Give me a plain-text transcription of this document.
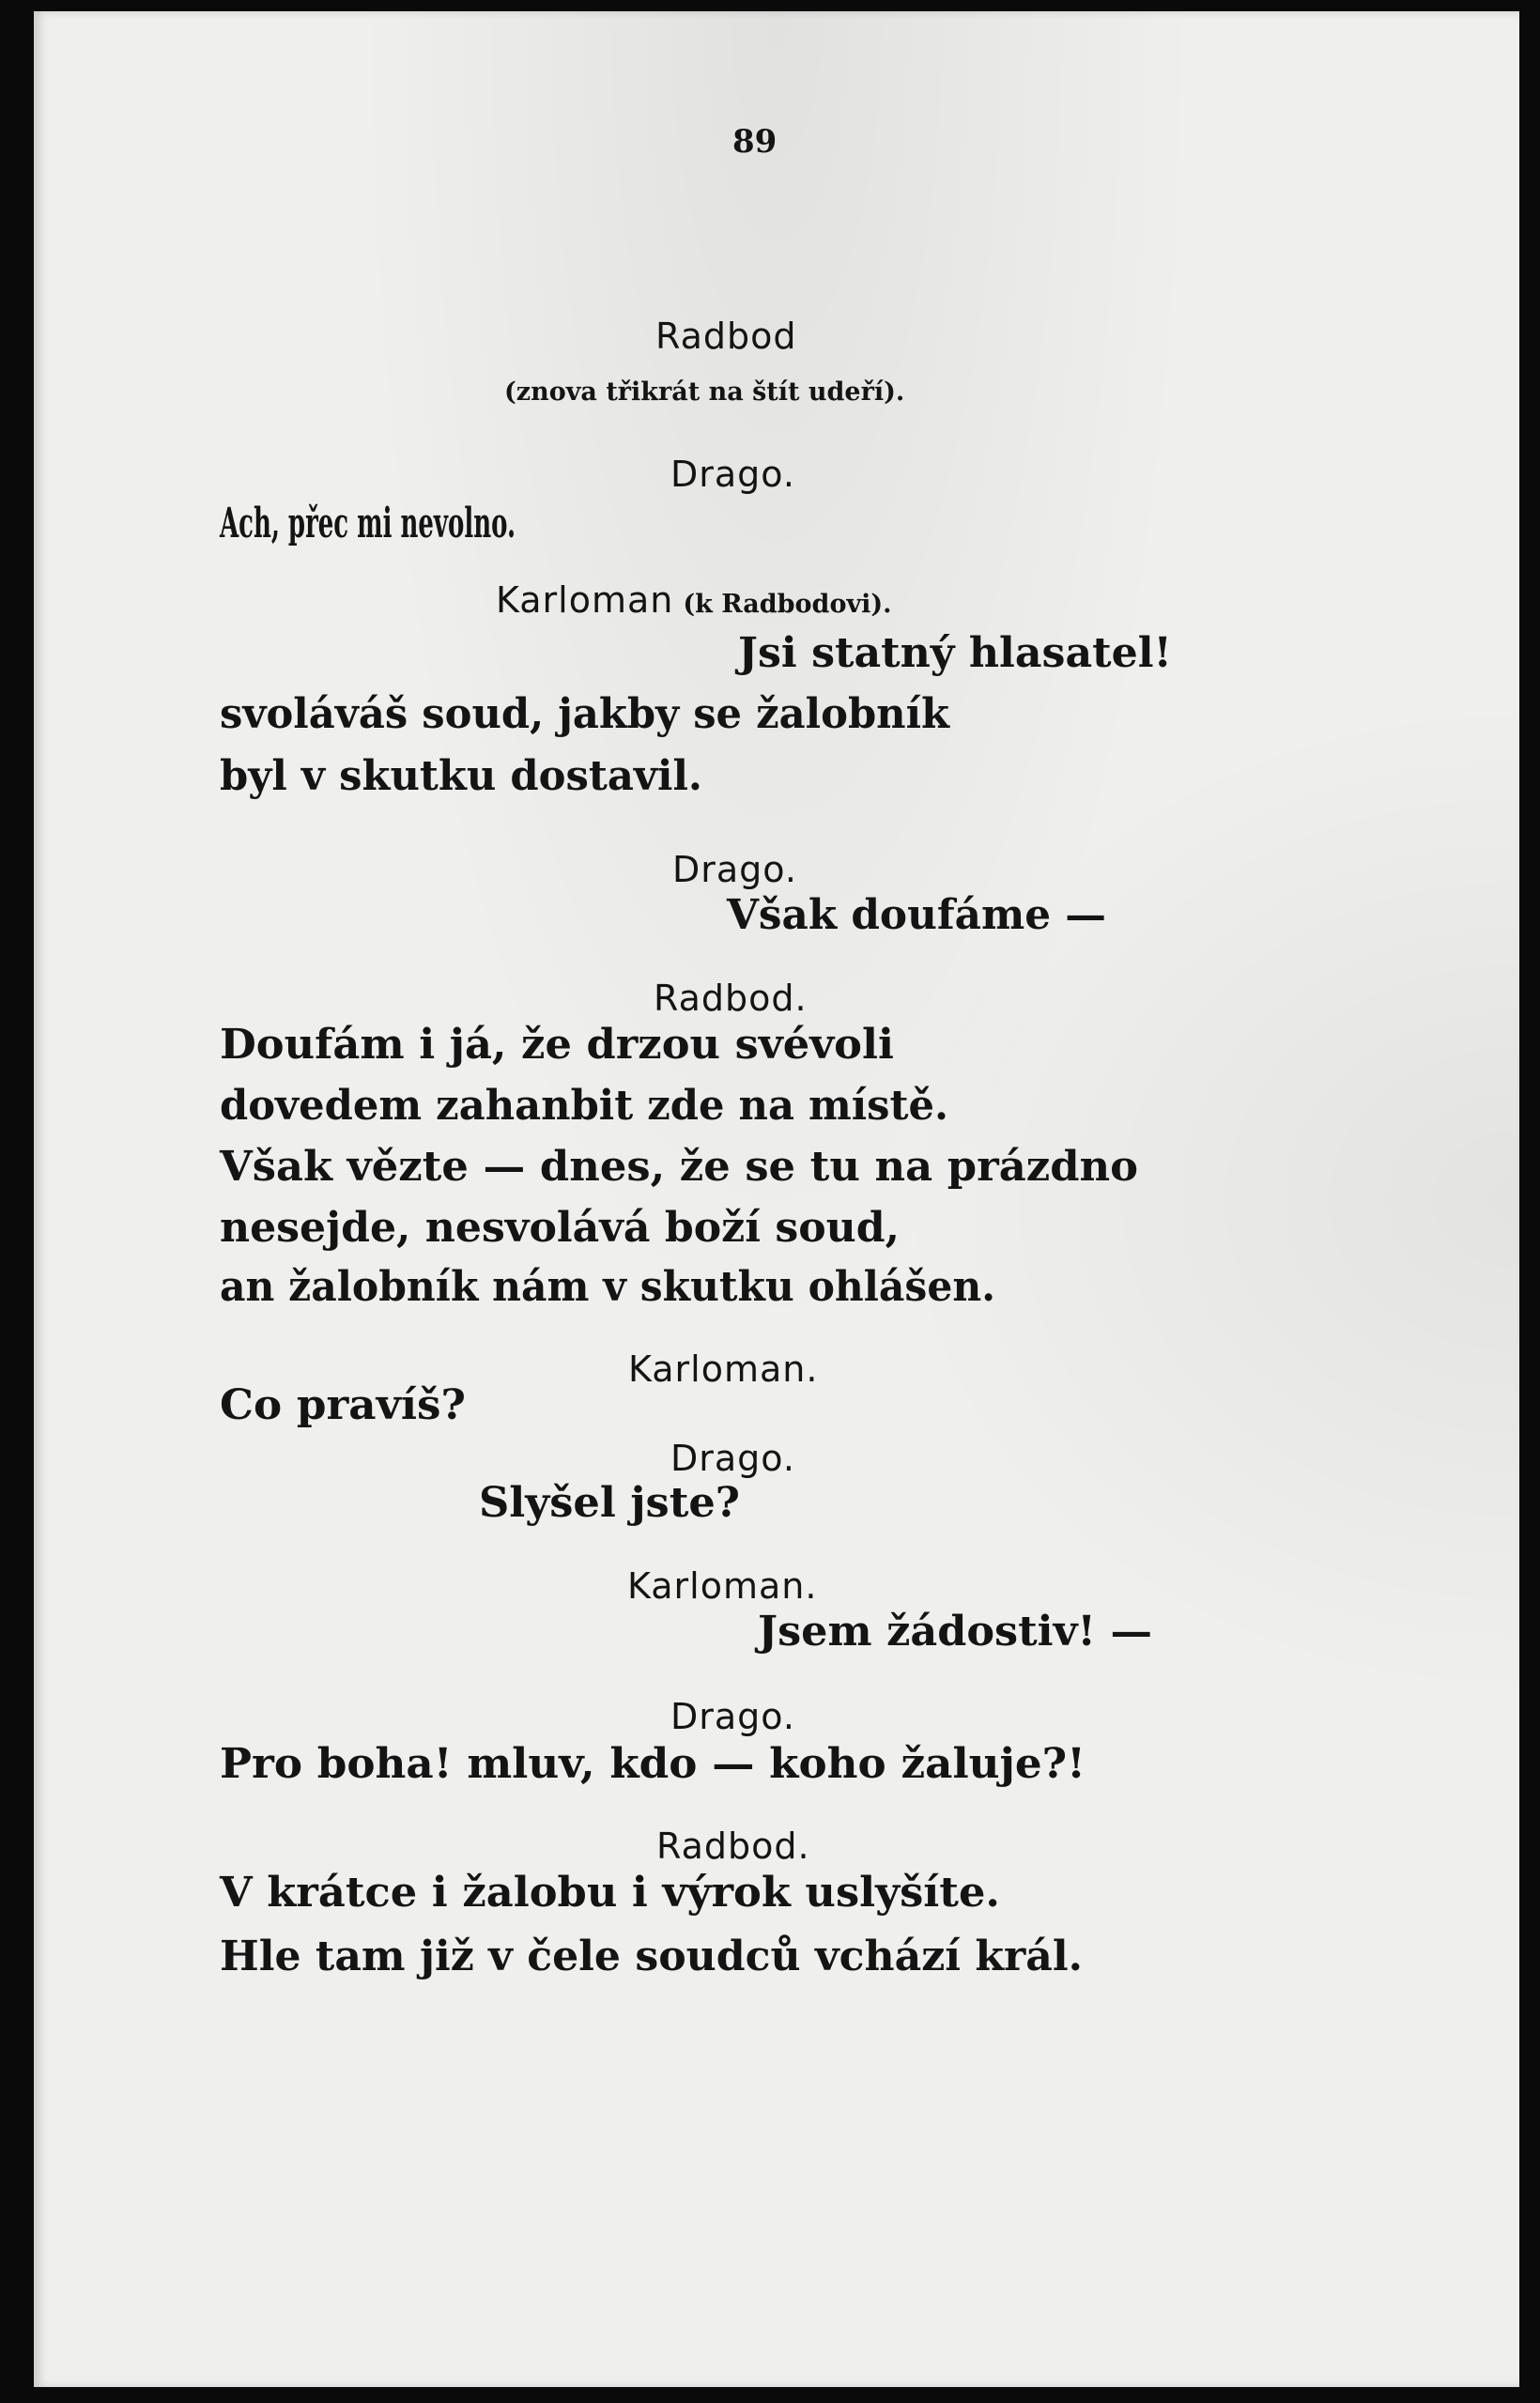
89

Radbod

(znova třikrát na štít udeří).

Drago.

Ach, přec mi nevolno.

Karloman (k Radbodovi).

Jsi statný hlasatel!

svoláváš soud, jakby se žalobník

byl v skutku dostavil.

Drago.

Však doufáme —

Radbod.

Doufám i já, že drzou svévoli

dovedem zahanbit zde na místě.

Však vězte — dnes, že se tu na prázdno

nesejde, nesvolává boží soud,

an žalobník nám v skutku ohlášen.

Karloman.

Co pravíš?

Drago.

Slyšel jste?

Karloman.

Jsem žádostiv! —

Drago.

Pro boha! mluv, kdo — koho žaluje?!

Radbod.

V krátce i žalobu i výrok uslyšíte.

Hle tam již v čele soudců vchází král.
